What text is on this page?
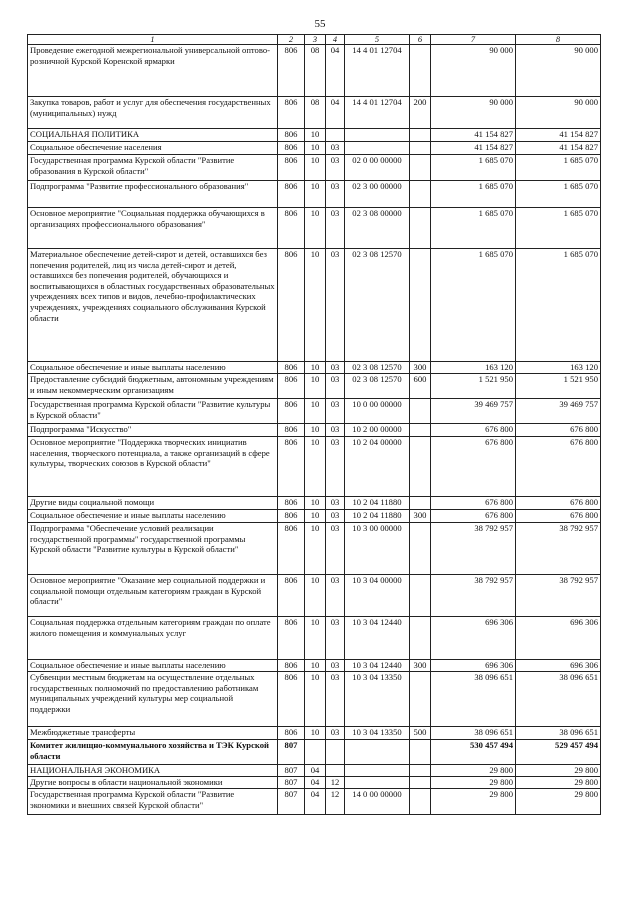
55
1	2	3	4	5	6	7	8
Проведение ежегодной межрегиональной универсальной оптово-розничной Курской Коренской ярмарки	806	08	04	14 4 01 12704		90 000	90 000
Закупка товаров, работ и услуг для обеспечения государственных (муниципальных) нужд	806	08	04	14 4 01 12704	200	90 000	90 000
СОЦИАЛЬНАЯ ПОЛИТИКА	806	10				41 154 827	41 154 827
Социальное обеспечение населения	806	10	03			41 154 827	41 154 827
Государственная программа Курской области "Развитие образования в Курской области"	806	10	03	02 0 00 00000		1 685 070	1 685 070
Подпрограмма "Развитие профессионального образования"	806	10	03	02 3 00 00000		1 685 070	1 685 070
Основное мероприятие "Социальная поддержка обучающихся в организациях профессионального образования"	806	10	03	02 3 08 00000		1 685 070	1 685 070
Материальное обеспечение детей-сирот и детей, оставшихся без попечения родителей, лиц из числа детей-сирот и детей, оставшихся без попечения родителей, обучающихся и воспитывающихся в областных государственных образовательных учреждениях всех типов и видов, лечебно-профилактических учреждениях, учреждениях социального обслуживания Курской области	806	10	03	02 3 08 12570		1 685 070	1 685 070
Социальное обеспечение и иные выплаты населению	806	10	03	02 3 08 12570	300	163 120	163 120
Предоставление субсидий бюджетным, автономным учреждениям и иным некоммерческим организациям	806	10	03	02 3 08 12570	600	1 521 950	1 521 950
Государственная программа Курской области "Развитие культуры в Курской области"	806	10	03	10 0 00 00000		39 469 757	39 469 757
Подпрограмма "Искусство"	806	10	03	10 2 00 00000		676 800	676 800
Основное мероприятие "Поддержка творческих инициатив населения, творческого потенциала, а также организаций в сфере культуры, творческих союзов в Курской области"	806	10	03	10 2 04 00000		676 800	676 800
Другие виды социальной помощи	806	10	03	10 2 04 11880		676 800	676 800
Социальное обеспечение и иные выплаты населению	806	10	03	10 2 04 11880	300	676 800	676 800
Подпрограмма "Обеспечение условий реализации государственной программы" государственной программы Курской области "Развитие культуры в Курской области"	806	10	03	10 3 00 00000		38 792 957	38 792 957
Основное мероприятие "Оказание мер социальной поддержки и социальной помощи отдельным категориям граждан в Курской области"	806	10	03	10 3 04 00000		38 792 957	38 792 957
Социальная поддержка отдельным категориям граждан по оплате жилого помещения и коммунальных услуг	806	10	03	10 3 04 12440		696 306	696 306
Социальное обеспечение и иные выплаты населению	806	10	03	10 3 04 12440	300	696 306	696 306
Субвенции местным бюджетам на осуществление отдельных государственных полномочий по предоставлению работникам муниципальных учреждений культуры мер социальной поддержки	806	10	03	10 3 04 13350		38 096 651	38 096 651
Межбюджетные трансферты	806	10	03	10 3 04 13350	500	38 096 651	38 096 651
Комитет жилищно-коммунального хозяйства и ТЭК Курской области	807					530 457 494	529 457 494
НАЦИОНАЛЬНАЯ ЭКОНОМИКА	807	04				29 800	29 800
Другие вопросы в области национальной экономики	807	04	12			29 800	29 800
Государственная программа Курской области "Развитие экономики и внешних связей Курской области"	807	04	12	14 0 00 00000		29 800	29 800
